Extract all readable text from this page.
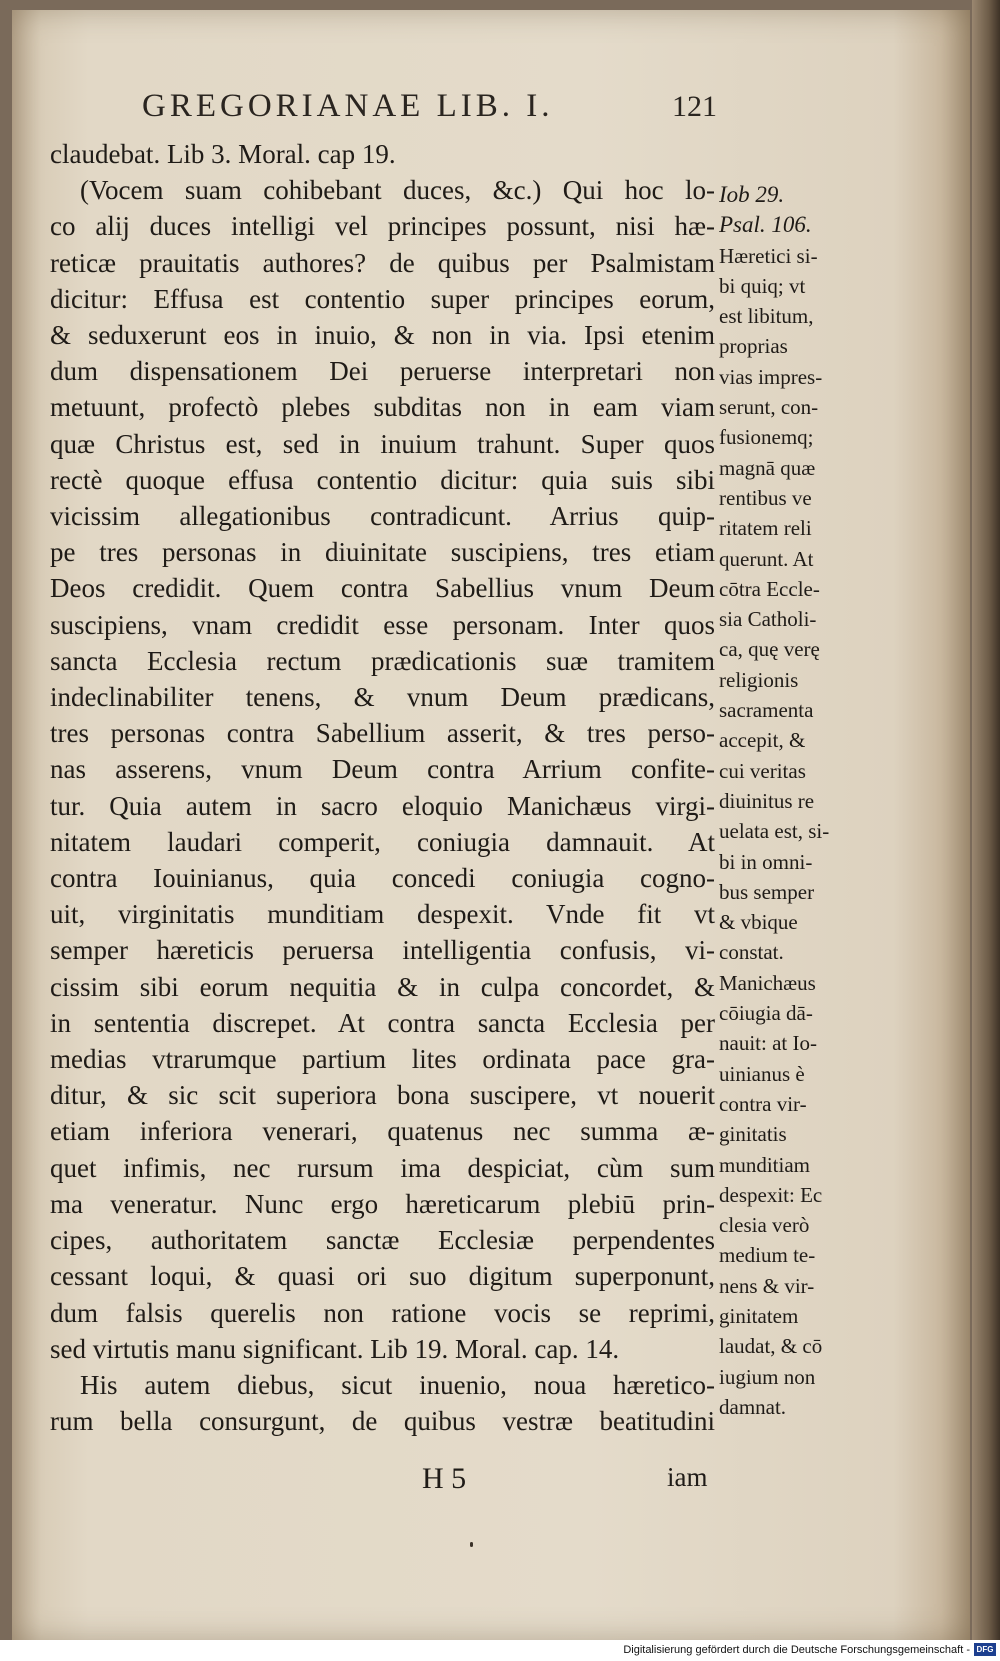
GREGORIANAE LIB. I.	121
claudebat. Lib 3. Moral. cap 19.
(Vocem suam cohibebant duces, &c.) Qui hoc lo-
co alij duces intelligi vel principes possunt, nisi hæ-
reticæ prauitatis authores? de quibus per Psalmistam
dicitur: Effusa est contentio super principes eorum,
& seduxerunt eos in inuio, & non in via. Ipsi etenim
dum dispensationem Dei peruerse interpretari non
metuunt, profectò plebes subditas non in eam viam
quæ Christus est, sed in inuium trahunt. Super quos
rectè quoque effusa contentio dicitur: quia suis sibi
vicissim allegationibus contradicunt. Arrius quip-
pe tres personas in diuinitate suscipiens, tres etiam
Deos credidit. Quem contra Sabellius vnum Deum
suscipiens, vnam credidit esse personam. Inter quos
sancta Ecclesia rectum prædicationis suæ tramitem
indeclinabiliter tenens, & vnum Deum prædicans,
tres personas contra Sabellium asserit, & tres perso-
nas asserens, vnum Deum contra Arrium confite-
tur. Quia autem in sacro eloquio Manichæus virgi-
nitatem laudari comperit, coniugia damnauit. At
contra Iouinianus, quia concedi coniugia cogno-
uit, virginitatis munditiam despexit. Vnde fit vt
semper hæreticis peruersa intelligentia confusis, vi-
cissim sibi eorum nequitia & in culpa concordet, &
in sententia discrepet. At contra sancta Ecclesia per
medias vtrarumque partium lites ordinata pace gra-
ditur, & sic scit superiora bona suscipere, vt nouerit
etiam inferiora venerari, quatenus nec summa æ-
quet infimis, nec rursum ima despiciat, cùm sum
ma veneratur. Nunc ergo hæreticarum plebiū prin-
cipes, authoritatem sanctæ Ecclesiæ perpendentes
cessant loqui, & quasi ori suo digitum superponunt,
dum falsis querelis non ratione vocis se reprimi,
sed virtutis manu significant. Lib 19. Moral. cap. 14.
His autem diebus, sicut inuenio, noua hæretico-
rum bella consurgunt, de quibus vestræ beatitudini
Iob 29.
Psal. 106.
Hæretici si-
bi quiq; vt
est libitum,
proprias
vias impres-
serunt, con-
fusionemq;
magnā quæ
rentibus ve
ritatem reli
querunt. At
cōtra Eccle-
sia Catholi-
ca, quę verę
religionis
sacramenta
accepit, &
cui veritas
diuinitus re
uelata est, si-
bi in omni-
bus semper
& vbique
constat.
Manichæus
cōiugia dā-
nauit: at Io-
uinianus è
contra vir-
ginitatis
munditiam
despexit: Ec
clesia verò
medium te-
nens & vir-
ginitatem
laudat, & cō
iugium non
damnat.
H 5	iam
Digitalisierung gefördert durch die Deutsche Forschungsgemeinschaft - DFG
